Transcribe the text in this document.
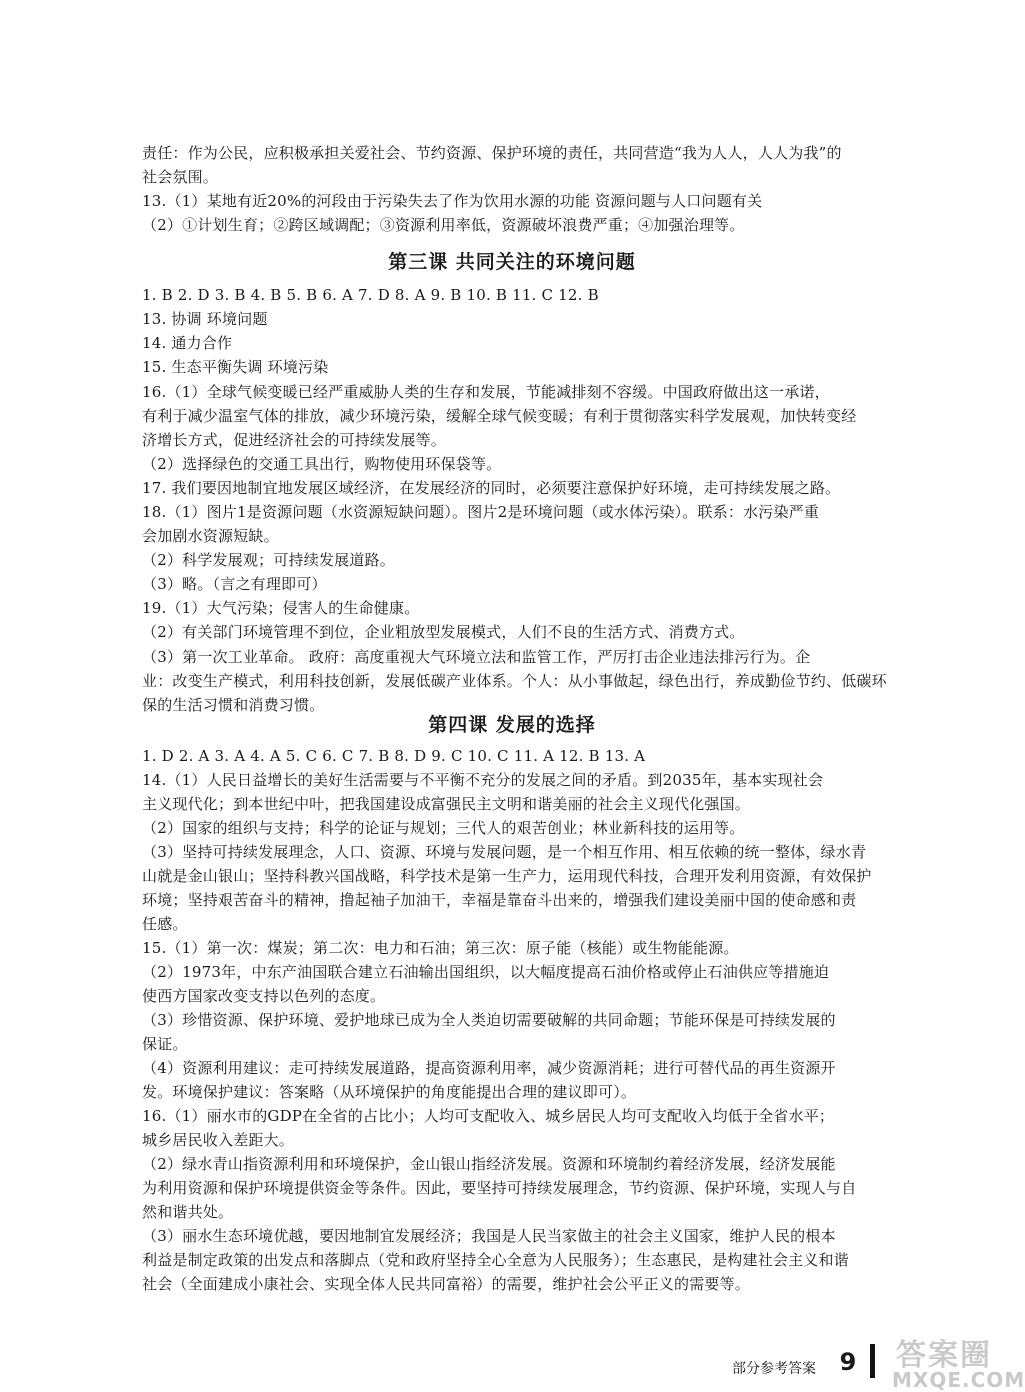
责任：作为公民，应积极承担关爱社会、节约资源、保护环境的责任，共同营造“我为人人，人人为我”的
社会氛围。
13.（1）某地有近20%的河段由于污染失去了作为饮用水源的功能 资源问题与人口问题有关
（2）①计划生育；②跨区域调配；③资源利用率低，资源破坏浪费严重；④加强治理等。
第三课 共同关注的环境问题
1. B 2. D 3. B 4. B 5. B 6. A 7. D 8. A 9. B 10. B 11. C 12. B
13. 协调 环境问题
14. 通力合作
15. 生态平衡失调 环境污染
16.（1）全球气候变暖已经严重威胁人类的生存和发展，节能减排刻不容缓。中国政府做出这一承诺，
有利于减少温室气体的排放，减少环境污染，缓解全球气候变暖；有利于贯彻落实科学发展观，加快转变经
济增长方式，促进经济社会的可持续发展等。
（2）选择绿色的交通工具出行，购物使用环保袋等。
17. 我们要因地制宜地发展区域经济，在发展经济的同时，必须要注意保护好环境，走可持续发展之路。
18.（1）图片1是资源问题（水资源短缺问题）。图片2是环境问题（或水体污染）。联系：水污染严重
会加剧水资源短缺。
（2）科学发展观；可持续发展道路。
（3）略。（言之有理即可）
19.（1）大气污染；侵害人的生命健康。
（2）有关部门环境管理不到位，企业粗放型发展模式，人们不良的生活方式、消费方式。
（3）第一次工业革命。 政府：高度重视大气环境立法和监管工作，严厉打击企业违法排污行为。企
业：改变生产模式，利用科技创新，发展低碳产业体系。个人：从小事做起，绿色出行，养成勤俭节约、低碳环
保的生活习惯和消费习惯。
第四课 发展的选择
1. D 2. A 3. A 4. A 5. C 6. C 7. B 8. D 9. C 10. C 11. A 12. B 13. A
14.（1）人民日益增长的美好生活需要与不平衡不充分的发展之间的矛盾。到2035年，基本实现社会
主义现代化；到本世纪中叶，把我国建设成富强民主文明和谐美丽的社会主义现代化强国。
（2）国家的组织与支持；科学的论证与规划；三代人的艰苦创业；林业新科技的运用等。
（3）坚持可持续发展理念，人口、资源、环境与发展问题，是一个相互作用、相互依赖的统一整体，绿水青
山就是金山银山；坚持科教兴国战略，科学技术是第一生产力，运用现代科技，合理开发利用资源，有效保护
环境；坚持艰苦奋斗的精神，撸起袖子加油干，幸福是靠奋斗出来的，增强我们建设美丽中国的使命感和责
任感。
15.（1）第一次：煤炭；第二次：电力和石油；第三次：原子能（核能）或生物能能源。
（2）1973年，中东产油国联合建立石油输出国组织，以大幅度提高石油价格或停止石油供应等措施迫
使西方国家改变支持以色列的态度。
（3）珍惜资源、保护环境、爱护地球已成为全人类迫切需要破解的共同命题；节能环保是可持续发展的
保证。
（4）资源利用建议：走可持续发展道路，提高资源利用率，减少资源消耗；进行可替代品的再生资源开
发。环境保护建议：答案略（从环境保护的角度能提出合理的建议即可）。
16.（1）丽水市的GDP在全省的占比小；人均可支配收入、城乡居民人均可支配收入均低于全省水平；
城乡居民收入差距大。
（2）绿水青山指资源利用和环境保护，金山银山指经济发展。资源和环境制约着经济发展，经济发展能
为利用资源和保护环境提供资金等条件。因此，要坚持可持续发展理念，节约资源、保护环境，实现人与自
然和谐共处。
（3）丽水生态环境优越，要因地制宜发展经济；我国是人民当家做主的社会主义国家，维护人民的根本
利益是制定政策的出发点和落脚点（党和政府坚持全心全意为人民服务）；生态惠民，是构建社会主义和谐
社会（全面建成小康社会、实现全体人民共同富裕）的需要，维护社会公平正义的需要等。
部分参考答案 9 答案圈
MXQE.COM
